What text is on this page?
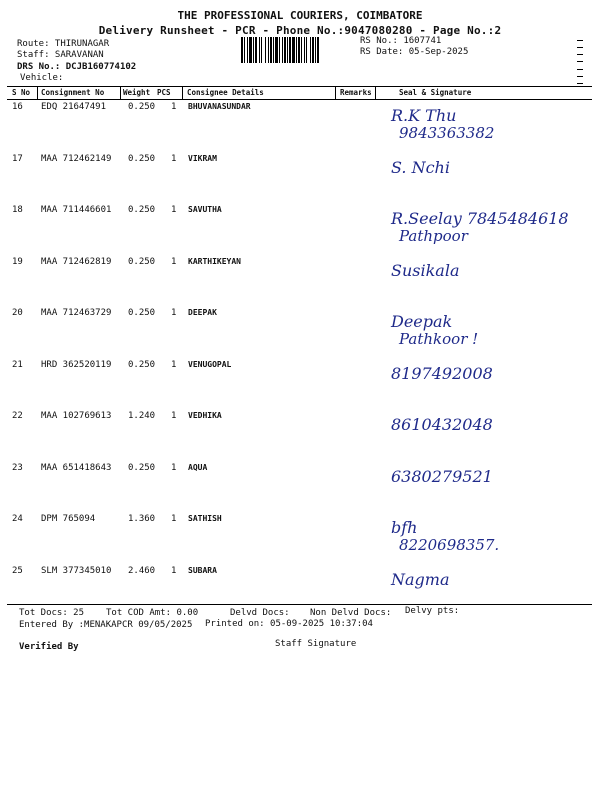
THE PROFESSIONAL COURIERS, COIMBATORE
Delivery Runsheet - PCR - Phone No.:9047080280 - Page No.:2
Route: THIRUNAGAR
Staff: SARAVANAN
DRS No.: DCJB160774102
Vehicle:
RS No.: 1607741
RS Date: 05-Sep-2025
S No Consignment No	Weight PCS Consignee Details	Remarks	Seal & Signature
16 EDQ 21647491 0.250 1 BHUVANASUNDAR	R.K Thu
9843363382
17 MAA 712462149 0.250 1 VIKRAM	S. Nchi
18 MAA 711446601 0.250 1 SAVUTHA	R.Seelay 7845484618
Pathpoor
19 MAA 712462819 0.250 1 KARTHIKEYAN	Susikala
20 MAA 712463729 0.250 1 DEEPAK	Deepak
Pathkoor !
21 HRD 362520119 0.250 1 VENUGOPAL	8197492008
22 MAA 102769613 1.240 1 VEDHIKA	8610432048
23 MAA 651418643 0.250 1 AQUA	6380279521
24 DPM 765094	1.360 1 SATHISH	bfh
8220698357.
25 SLM 377345010 2.460 1 SUBARA	Nagma
Tot Docs: 25 Tot COD Amt: 0.00	Delvd Docs: Non Delvd Docs: Delvy pts:
Entered By :MENAKAPCR 09/05/2025 Printed on: 05-09-2025 10:37:04
Verified By	Staff Signature
